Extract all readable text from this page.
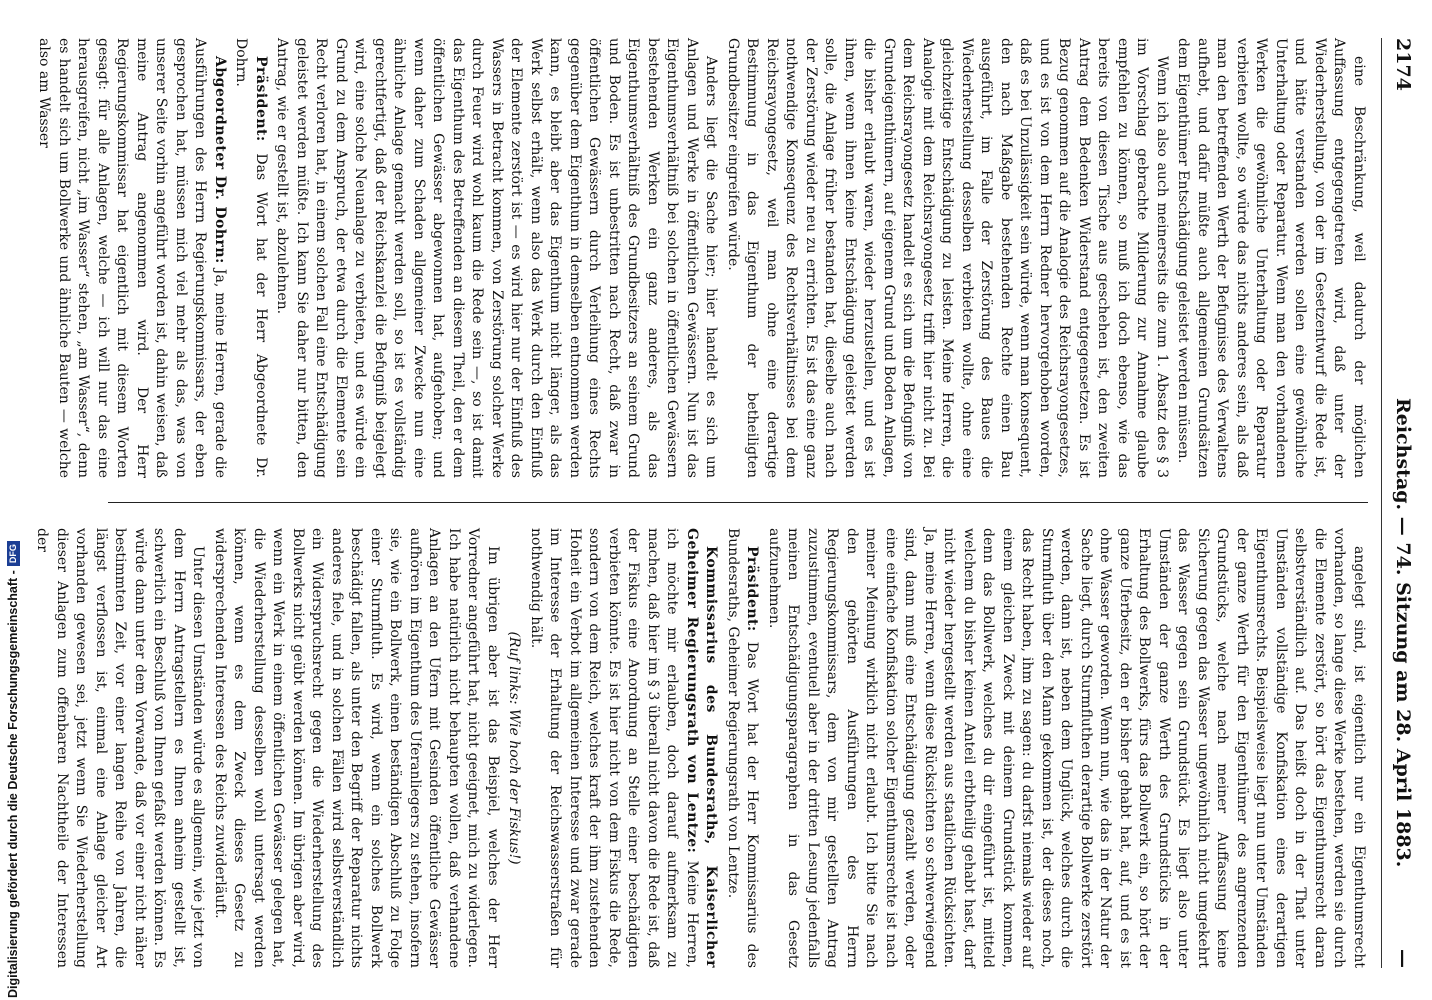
2174
Reichstag. — 74. Sitzung am 28. April 1883.
—

eine Beschränkung, weil dadurch der möglichen Auffassung entgegengetreten wird, daß unter der Wiederherstellung, von der im Gesetzentwurf die Rede ist, und hätte verstanden werden sollen eine gewöhnliche Unterhaltung oder Reparatur. Wenn man den vorhandenen Werken die gewöhnliche Unterhaltung oder Reparatur verbieten wollte, so würde das nichts anderes sein, als daß man den betreffenden Werth der Befugnisse des Verwaltens aufhebt, und dafür müßte auch allgemeinen Grundsätzen dem Eigenthümer Entschädigung geleistet werden müssen.

Wenn ich also auch meinerseits die zum 1. Absatz des § 3 im Vorschlag gebrachte Milderung zur Annahme glaube empfehlen zu können, so muß ich doch ebenso, wie das bereits von diesen Tische aus geschehen ist, den zweiten Antrag dem Bedenken Widerstand entgegensetzen. Es ist Bezug genommen auf die Analogie des Reichsrayongesetzes, und es ist von dem Herrn Redner hervorgehoben worden, daß es bei Unzulässigkeit sein würde, wenn man konsequent, den nach Maßgabe bestehenden Rechte einen Bau ausgeführt, im Falle der Zerstörung des Baues die Wiederherstellung desselben verbieten wollte, ohne eine gleichzeitige Entschädigung zu leisten. Meine Herren, die Analogie mit dem Reichsrayongesetz trifft hier nicht zu. Bei dem Reichsrayongesetz handelt es sich um die Befugniß von Grundeigenthümern, auf eigenem Grund und Boden Anlagen, die bisher erlaubt waren, wieder herzustellen, und es ist ihnen, wenn ihnen keine Entschädigung geleistet werden solle, die Anlage früher bestanden hat, dieselbe auch nach der Zerstörung wieder neu zu errichten. Es ist das eine ganz nothwendige Konsequenz des Rechtsverhältnisses bei dem Reichsrayongesetz, weil man ohne eine derartige Bestimmung in das Eigenthum der betheiligten Grundbesitzer eingreifen würde.

Anders liegt die Sache hier; hier handelt es sich um Anlagen und Werke in öffentlichen Gewässern. Nun ist das Eigenthumsverhältniß bei solchen in öffentlichen Gewässern bestehenden Werken ein ganz anderes, als das Eigenthumsverhältniß des Grundbesitzers an seinem Grund und Boden. Es ist unbestritten nach Recht, daß zwar in öffentlichen Gewässern durch Verleihung eines Rechts gegenüber dem Eigenthum in demselben entnommen werden kann, es bleibt aber das Eigenthum nicht länger, als das Werk selbst erhält, wenn also das Werk durch den Einfluß der Elemente zerstört ist — es wird hier nur der Einfluß des Wassers in Betracht kommen, von Zerstörung solcher Werke durch Feuer wird wohl kaum die Rede sein —, so ist damit das Eigenthum des Betreffenden an diesem Theil, den er dem öffentlichen Gewässer abgewonnen hat, aufgehoben; und wenn daher zum Schaden allgemeiner Zwecke nun eine ähnliche Anlage gemacht werden soll, so ist es vollständig gerechtfertigt, daß der Reichskanzlei die Befugniß beigelegt wird, eine solche Neuanlage zu verbieten, und es würde ein Grund zu dem Anspruch, der etwa durch die Elemente sein Recht verloren hat, in einem solchen Fall eine Entschädigung geleistet werden müßte. Ich kann Sie daher nur bitten, den Antrag, wie er gestellt ist, abzulehnen.

Präsident: Das Wort hat der Herr Abgeordnete Dr. Dohrn.

Abgeordneter Dr. Dohrn: Ja, meine Herren, gerade die Ausführungen des Herrn Regierungskommissars, der eben gesprochen hat, müssen mich viel mehr als das, was von unserer Seite vorhin angeführt worden ist, dahin weisen, daß meine Antrag angenommen wird. Der Herr Regierungskommissar hat eigentlich mit diesem Worten gesagt: für alle Anlagen, welche — ich will nur das eine herausgreifen, nicht „im Wasser“ stehen, „am Wasser“, denn es handelt sich um Bollwerke und ähnliche Bauten — welche also am Wasser

angelegt sind, ist eigentlich nur ein Eigenthumsrecht vorhanden, so lange diese Werke bestehen, werden sie durch die Elemente zerstört, so hört das Eigenthumsrecht daran selbstverständlich auf. Das heißt doch in der That unter Umständen vollständige Konfiskation eines derartigen Eigenthumsrechts. Beispielsweise liegt nun unter Umständen der ganze Werth für den Eigenthümer des angrenzenden Grundstücks, welche nach meiner Auffassung keine Sicherung gegen das Wasser ungewöhnlich nicht umgekehrt das Wasser gegen sein Grundstück. Es liegt also unter Umständen der ganze Werth des Grundstücks in der Erhaltung des Bollwerks, fürs das Bollwerk ein, so hört der ganze Uferbesitz, den er bisher gehabt hat, auf, und es ist ohne Wasser geworden. Wenn nun, wie das in der Natur der Sache liegt, durch Sturmfluthen derartige Bollwerke zerstört werden, dann ist, neben dem Unglück, welches durch die Sturmfluth über den Mann gekommen ist, der dieses noch, das Recht haben, ihm zu sagen: du darfst niemals wieder auf einem gleichen Zweck mit deinem Grundstück kommen, denn das Bollwerk, welches du dir eingeführt ist, mitteld welchem du bisher keinen Anteil erbtheilig gehabt hast, darf nicht wieder hergestellt werden aus staatlichen Rücksichten. Ja, meine Herren, wenn diese Rücksichten so schwerwiegend sind, dann muß eine Entschädigung gezahlt werden, oder eine einfache Konfiskation solcher Eigenthumsrechte ist nach meiner Meinung wirklich nicht erlaubt. Ich bitte Sie nach den gehörten Ausführungen des Herrn Regierungskommissars, dem von mir gestellten Antrag zuzustimmen, eventuell aber in der dritten Lesung jedenfalls meinen Entschädigungsparagraphen in das Gesetz aufzunehmen.

Präsident: Das Wort hat der Herr Kommissarius des Bundesraths, Geheimer Regierungsrath von Lentze.

Kommissarius des Bundesraths, Kaiserlicher Geheimer Regierungsrath von Lentze: Meine Herren, ich möchte mir erlauben, doch darauf aufmerksam zu machen, daß hier im § 3 überall nicht davon die Rede ist, daß der Fiskus eine Anordnung an Stelle einer beschädigten verbieten könnte. Es ist hier nicht von dem Fiskus die Rede, sondern von dem Reich, welches kraft der ihm zustehenden Hoheit ein Verbot im allgemeinen Interesse und zwar gerade im Interesse der Erhaltung der Reichswasserstraßen für nothwendig hält.

(Ruf links: Wie hoch der Fiskus!)

Im übrigen aber ist das Beispiel, welches der Herr Vorredner angeführt hat, nicht geeignet, mich zu widerlegen. Ich habe natürlich nicht behaupten wollen, daß verhandene Anlagen an den Ufern mit Gesinden öffentliche Gewässer aufhören im Eigenthum des Uferanliegers zu stehen, insofern sie, wie ein Bollwerk, einen beständigen Abschluß zu Folge einer Sturmfluth. Es wird, wenn ein solches Bollwerk beschädigt fallen, als unter den Begriff der Reparatur nichts anderes fiele, und in solchen Fällen wird selbstverständlich ein Widerspruchsrecht gegen die Wiederherstellung des Bollwerks nicht geübt werden können. Im übrigen aber wird, wenn ein Werk in einem öffentlichen Gewässer gelegen hat, die Wiederherstellung desselben wohl untersagt werden können, wenn es dem Zweck dieses Gesetz zu widersprechenden Interessen des Reichs zuwiderläuft.

Unter diesen Umständen würde es allgemein, wie jetzt von dem Herrn Antragstellern es Ihnen anheim gestellt ist, schwerlich ein Beschluß von Ihnen gefaßt werden können. Es würde dann unter dem Vorwande, daß vor einer nicht näher bestimmten Zeit, vor einer langen Reihe von Jahren, die längst verflossen ist, einmal eine Anlage gleicher Art vorhanden gewesen sei, jetzt wenn Sie Wiederherstellung dieser Anlagen zum offenbaren Nachtheile der Interessen der

Digitalisierung gefördert durch die Deutsche Forschungsgemeinschaft -DFG
